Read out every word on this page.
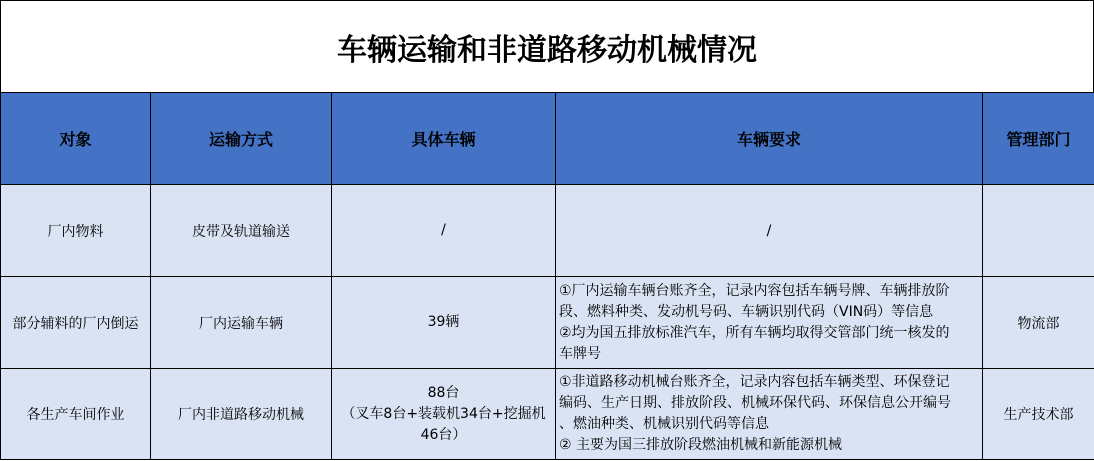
车辆运输和非道路移动机械情况
对象	运输方式	具体车辆	车辆要求	管理部门
厂内物料	皮带及轨道输送	/	/	

部分辅料的厂内倒运	厂内运输车辆	39辆	①厂内运输车辆台账齐全，记录内容包括车辆号牌、车辆排放阶
段、燃料种类、发动机号码、车辆识别代码（VIN码）等信息
②均为国五排放标准汽车，所有车辆均取得交管部门统一核发的
车牌号	物流部
各生产车间作业	厂内非道路移动机械	88台
（叉车8台+装载机34台+挖掘机
46台）	①非道路移动机械台账齐全，记录内容包括车辆类型、环保登记
编码、生产日期、排放阶段、机械环保代码、环保信息公开编号
、燃油种类、机械识别代码等信息
② 主要为国三排放阶段燃油机械和新能源机械	生产技术部
